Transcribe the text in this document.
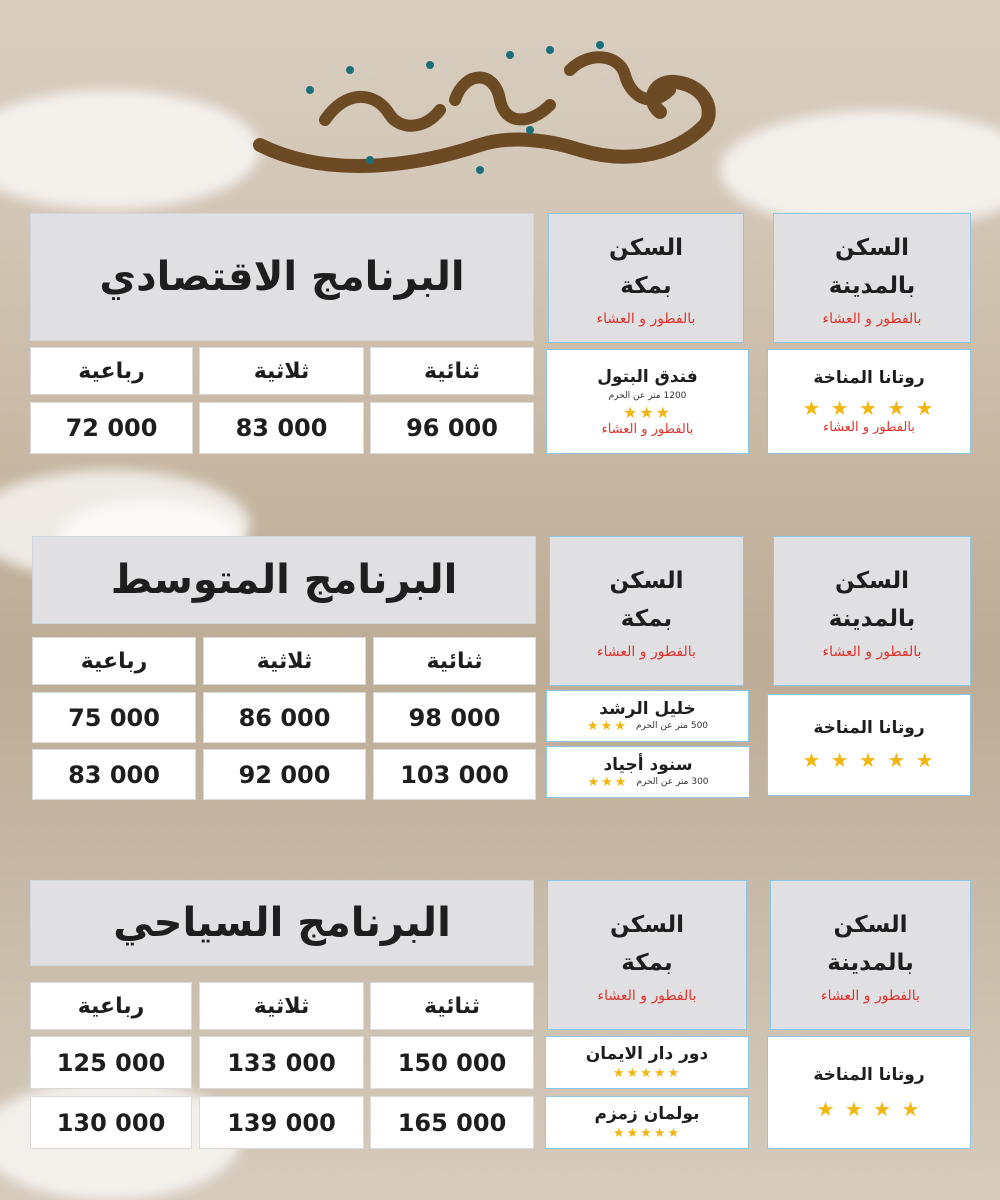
البرنامج الاقتصادي
رباعية	ثلاثية	ثنائية
72 000	83 000	96 000
السكن
بمكة
بالفطور و العشاء
السكن
بالمدينة
بالفطور و العشاء
فندق البتول
1200 متر عن الحرم
★★★
بالفطور و العشاء
روتانا المناخة
★ ★ ★ ★ ★
بالفطور و العشاء
البرنامج المتوسط
رباعية	ثلاثية	ثنائية
75 000	86 000	98 000
83 000	92 000	103 000
السكن
بمكة
بالفطور و العشاء
السكن
بالمدينة
بالفطور و العشاء
خليل الرشد
500 متر عن الحرم
★★★
سنود أجياد
300 متر عن الحرم
★★★
روتانا المناخة
★ ★ ★ ★ ★
البرنامج السياحي
رباعية	ثلاثية	ثنائية
125 000	133 000	150 000
130 000	139 000	165 000
السكن
بمكة
بالفطور و العشاء
السكن
بالمدينة
بالفطور و العشاء
دور دار الايمان
★★★★★
بولمان زمزم
★★★★★
روتانا المناخة
★ ★ ★ ★
